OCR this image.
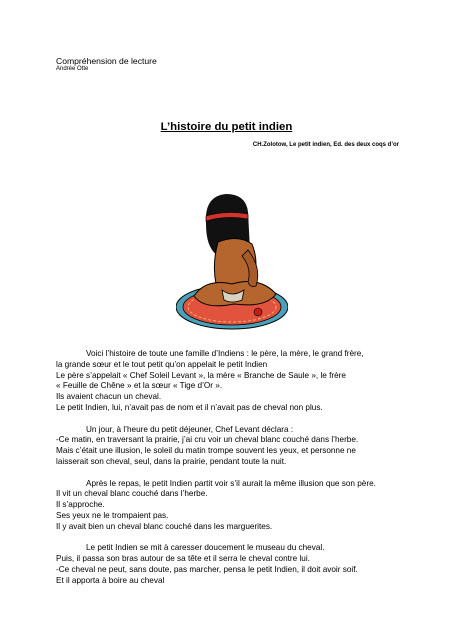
Compréhension de lecture
Andrée Otte
L’histoire du petit indien
CH.Zolotow, Le petit indien, Ed. des deux coqs d’or

Voici l’histoire de toute une famille d’Indiens : le père, la mère, le grand frère,

la grande sœur et le tout petit qu’on appelait le petit Indien

Le père s’appelait « Chef Soleil Levant », la mère « Branche de Saule », le frère

« Feuille de Chêne » et la sœur « Tige d’Or ».

Ils avaient chacun un cheval.

Le petit Indien, lui, n’avait pas de nom et il n’avait pas de cheval non plus.

Un jour, à l’heure du petit déjeuner, Chef Levant déclara :

-Ce matin, en traversant la prairie, j’ai cru voir un cheval blanc couché dans l’herbe.

Mais c’était une illusion, le soleil du matin trompe souvent les yeux, et personne ne

laisserait son cheval, seul, dans la prairie, pendant toute la nuit.

Après le repas, le petit Indien partit voir s’il aurait la même illusion que son père.

Il vit un cheval blanc couché dans l’herbe.

Il s’approche.

Ses yeux ne le trompaient pas.

Il y avait bien un cheval blanc couché dans les marguerites.

Le petit Indien se mit à caresser doucement le museau du cheval.

Puis, il passa son bras autour de sa tête et il serra le cheval contre lui.

-Ce cheval ne peut, sans doute, pas marcher, pensa le petit Indien, il doit avoir soif.

Et il apporta à boire au cheval
